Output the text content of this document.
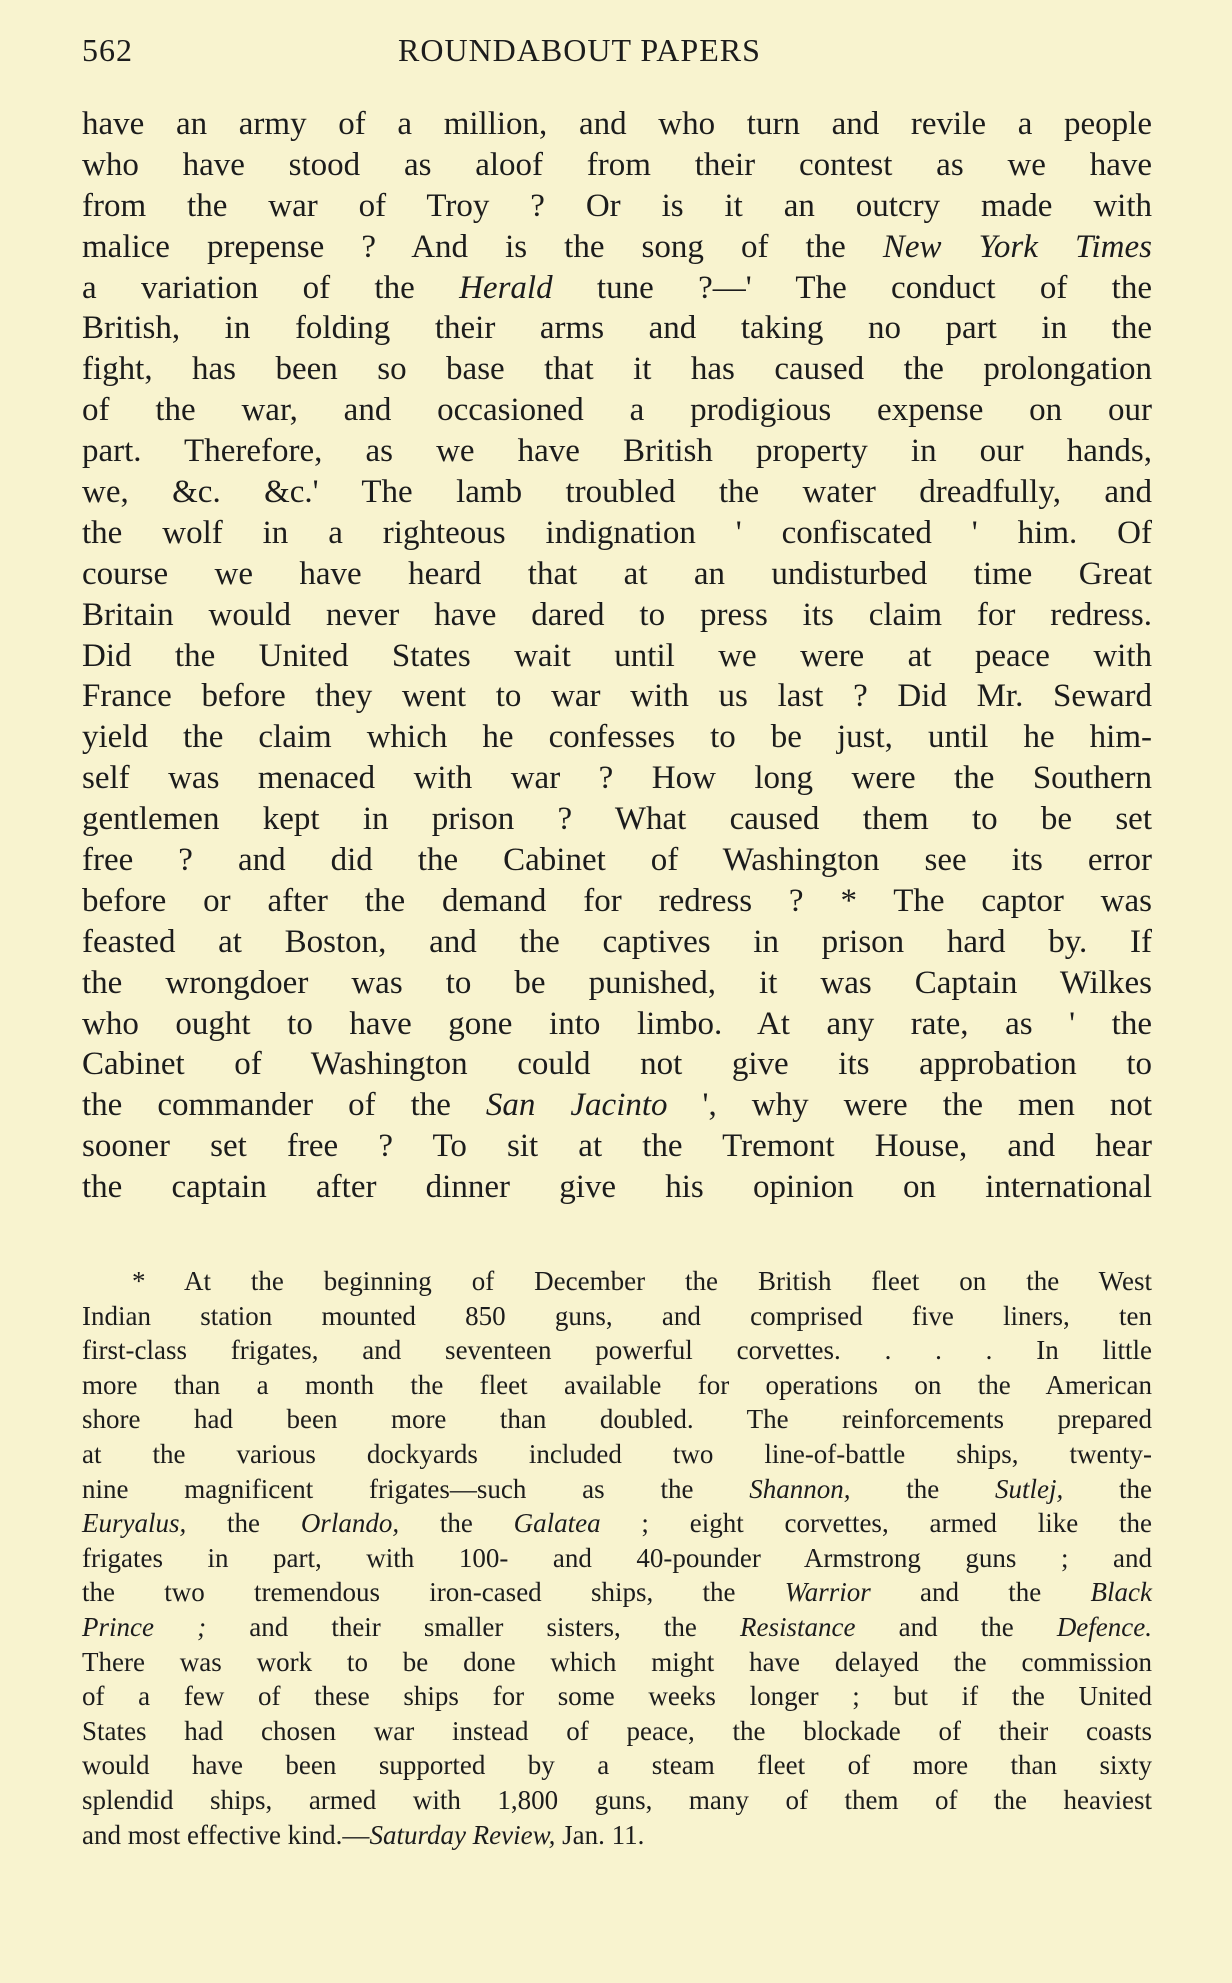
562	ROUNDABOUT PAPERS
have an army of a million, and who turn and revile a people
who have stood as aloof from their contest as we have
from the war of Troy ? Or is it an outcry made with
malice prepense ? And is the song of the New York Times
a variation of the Herald tune ?—' The conduct of the
British, in folding their arms and taking no part in the
fight, has been so base that it has caused the prolongation
of the war, and occasioned a prodigious expense on our
part. Therefore, as we have British property in our hands,
we, &c. &c.' The lamb troubled the water dreadfully, and
the wolf in a righteous indignation ' confiscated ' him. Of
course we have heard that at an undisturbed time Great
Britain would never have dared to press its claim for redress.
Did the United States wait until we were at peace with
France before they went to war with us last ? Did Mr. Seward
yield the claim which he confesses to be just, until he him-
self was menaced with war ? How long were the Southern
gentlemen kept in prison ? What caused them to be set
free ? and did the Cabinet of Washington see its error
before or after the demand for redress ? * The captor was
feasted at Boston, and the captives in prison hard by. If
the wrongdoer was to be punished, it was Captain Wilkes
who ought to have gone into limbo. At any rate, as ' the
Cabinet of Washington could not give its approbation to
the commander of the San Jacinto ', why were the men not
sooner set free ? To sit at the Tremont House, and hear
the captain after dinner give his opinion on international
* At the beginning of December the British fleet on the West
Indian station mounted 850 guns, and comprised five liners, ten
first-class frigates, and seventeen powerful corvettes. . . . In little
more than a month the fleet available for operations on the American
shore had been more than doubled. The reinforcements prepared
at the various dockyards included two line-of-battle ships, twenty-
nine magnificent frigates—such as the Shannon, the Sutlej, the
Euryalus, the Orlando, the Galatea ; eight corvettes, armed like the
frigates in part, with 100- and 40-pounder Armstrong guns ; and
the two tremendous iron-cased ships, the Warrior and the Black
Prince ; and their smaller sisters, the Resistance and the Defence.
There was work to be done which might have delayed the commission
of a few of these ships for some weeks longer ; but if the United
States had chosen war instead of peace, the blockade of their coasts
would have been supported by a steam fleet of more than sixty
splendid ships, armed with 1,800 guns, many of them of the heaviest
and most effective kind.—Saturday Review, Jan. 11.
